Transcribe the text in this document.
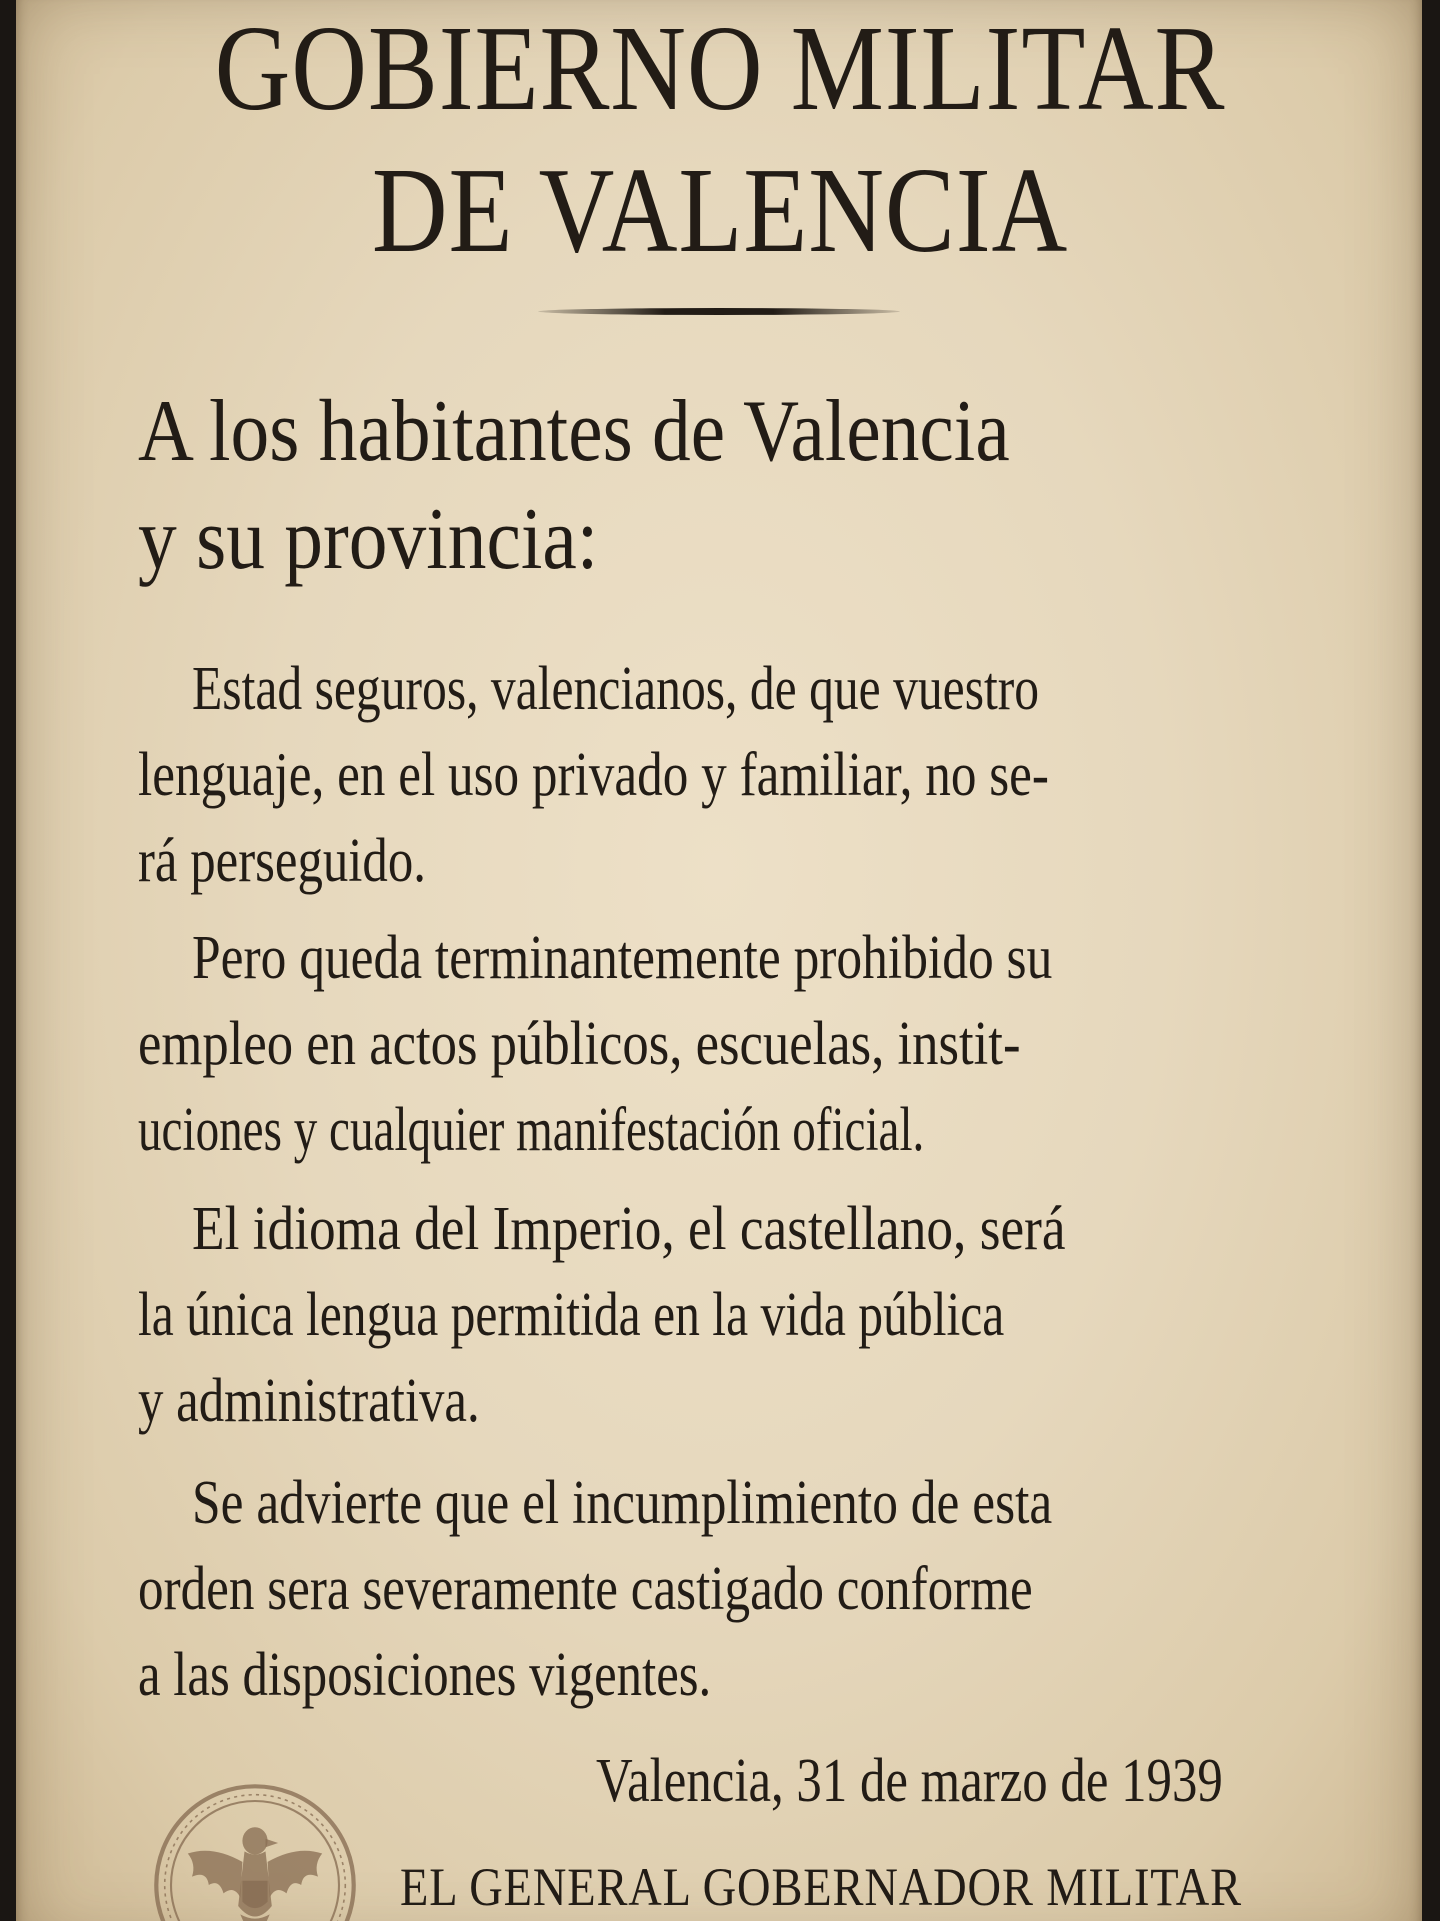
GOBIERNO MILITAR
DE VALENCIA
A los habitantes de Valencia
y su provincia:
Estad seguros, valencianos, de que vuestro
lenguaje, en el uso privado y familiar, no se-
rá perseguido.
Pero queda terminantemente prohibido su
empleo en actos públicos, escuelas, instit-
uciones y cualquier manifestación oficial.
El idioma del Imperio, el castellano, será
la única lengua permitida en la vida pública
y administrativa.
Se advierte que el incumplimiento de esta
orden sera severamente castigado conforme
a las disposiciones vigentes.
Valencia, 31 de marzo de 1939
EL GENERAL GOBERNADOR MILITAR
